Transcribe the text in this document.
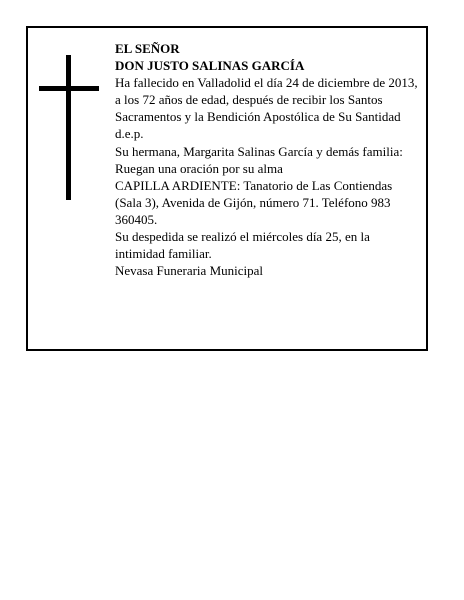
EL SEÑOR
DON JUSTO SALINAS GARCÍA
Ha fallecido en Valladolid el día 24 de diciembre de 2013, a los 72 años de edad, después de recibir los Santos Sacramentos y la Bendición Apostólica de Su Santidad
d.e.p.
Su hermana, Margarita Salinas García y demás familia:
Ruegan una oración por su alma
CAPILLA ARDIENTE: Tanatorio de Las Contiendas (Sala 3), Avenida de Gijón, número 71. Teléfono 983 360405.
Su despedida se realizó el miércoles día 25, en la intimidad familiar.
Nevasa Funeraria Municipal
